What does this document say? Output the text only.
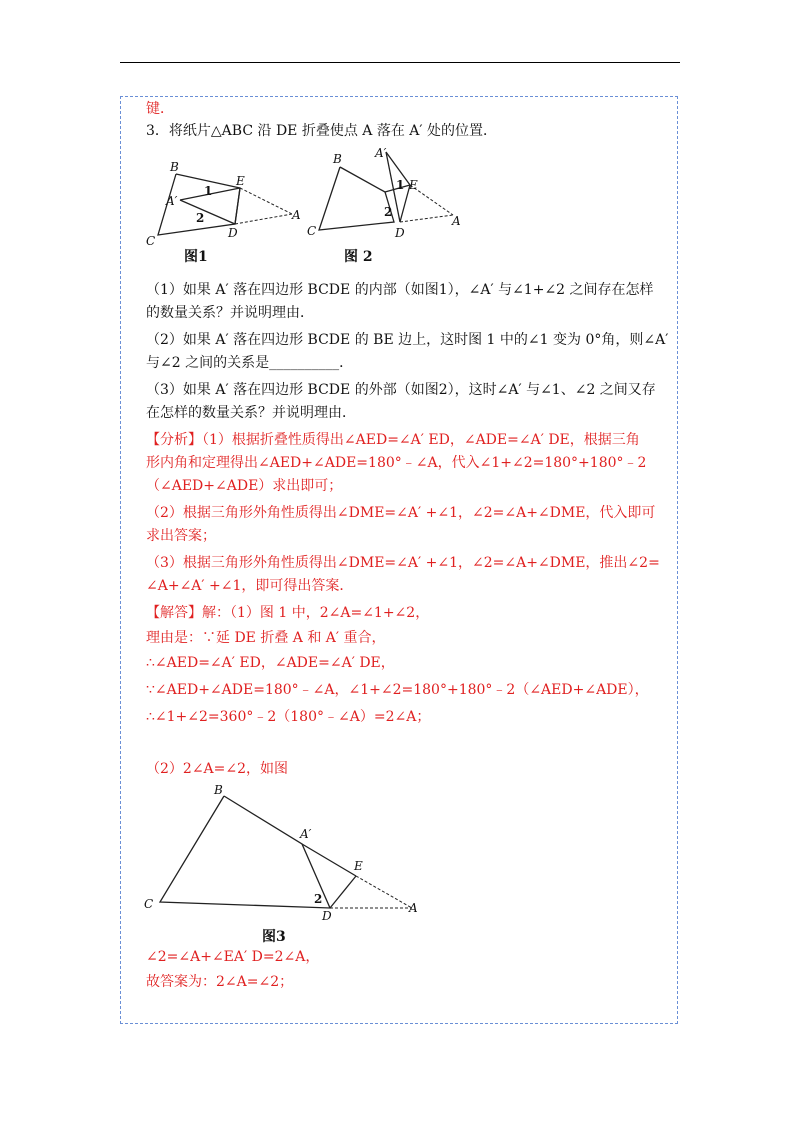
键．
3．将纸片△ABC 沿 DE 折叠使点 A 落在 A′ 处的位置．
B
C
D
E
A
A′
1
2
图1
B
C	D
E
A
A′
1
2
图 2
（1）如果 A′ 落在四边形 BCDE 的内部（如图1），∠A′ 与∠1+∠2 之间存在怎样
的数量关系？并说明理由．
（2）如果 A′ 落在四边形 BCDE 的 BE 边上，这时图 1 中的∠1 变为 0°角，则∠A′
与∠2 之间的关系是__________．
（3）如果 A′ 落在四边形 BCDE 的外部（如图2），这时∠A′ 与∠1、∠2 之间又存
在怎样的数量关系？并说明理由．
【分析】（1）根据折叠性质得出∠AED=∠A′ ED，∠ADE=∠A′ DE，根据三角
形内角和定理得出∠AED+∠ADE=180°﹣∠A，代入∠1+∠2=180°+180°﹣2
（∠AED+∠ADE）求出即可；
（2）根据三角形外角性质得出∠DME=∠A′ +∠1，∠2=∠A+∠DME，代入即可
求出答案；
（3）根据三角形外角性质得出∠DME=∠A′ +∠1，∠2=∠A+∠DME，推出∠2=
∠A+∠A′ +∠1，即可得出答案．
【解答】解：（1）图 1 中，2∠A=∠1+∠2，
理由是：∵延 DE 折叠 A 和 A′ 重合，
∴∠AED=∠A′ ED，∠ADE=∠A′ DE，
∵∠AED+∠ADE=180°﹣∠A，∠1+∠2=180°+180°﹣2（∠AED+∠ADE），
∴∠1+∠2=360°﹣2（180°﹣∠A）=2∠A；
（2）2∠A=∠2，如图
B
C
D
E
A
A′
2
图3
∠2=∠A+∠EA′ D=2∠A，
故答案为：2∠A=∠2；
